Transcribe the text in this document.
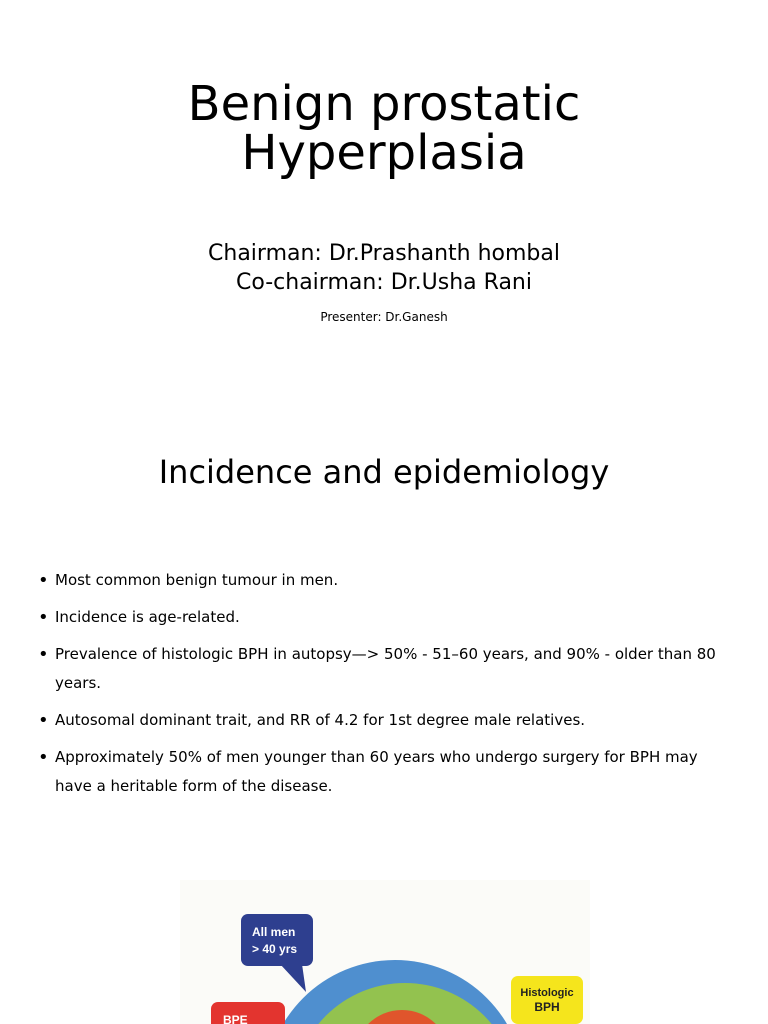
Benign prostatic
Hyperplasia
Chairman: Dr.Prashanth hombal
Co-chairman: Dr.Usha Rani
Presenter: Dr.Ganesh
Incidence and epidemiology
• Most common benign tumour in men.
• Incidence is age-related.
• Prevalence of histologic BPH in autopsy—> 50% - 51–60 years, and 90% - older than 80 years.
• Autosomal dominant trait, and RR of 4.2 for 1st degree male relatives.
• Approximately 50% of men younger than 60 years who undergo surgery for BPH may have a heritable form of the disease.
All men
> 40 yrs
Histologic
BPH
BPE
